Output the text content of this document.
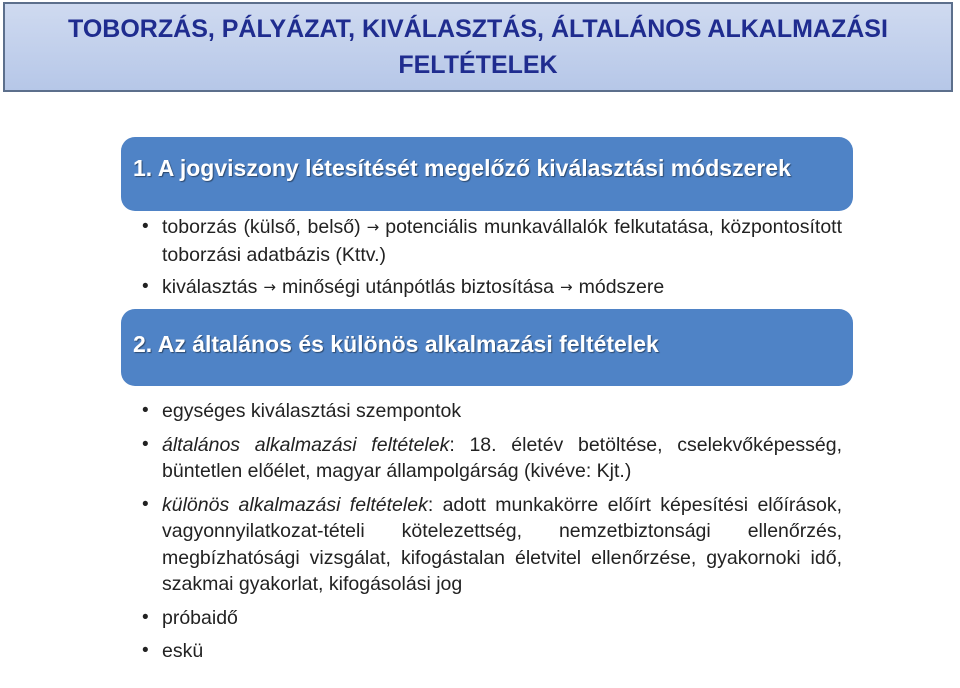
TOBORZÁS, PÁLYÁZAT, KIVÁLASZTÁS, ÁLTALÁNOS ALKALMAZÁSI
FELTÉTELEK
1. A jogviszony létesítését megelőző kiválasztási módszerek
• toborzás (külső, belső) → potenciális munkavállalók felkutatása, központosított toborzási adatbázis (Kttv.)
• kiválasztás → minőségi utánpótlás biztosítása → módszere
2. Az általános és különös alkalmazási feltételek
• egységes kiválasztási szempontok
• általános alkalmazási feltételek: 18. életév betöltése, cselekvőképesség, büntetlen előélet, magyar állampolgárság (kivéve: Kjt.)
• különös alkalmazási feltételek: adott munkakörre előírt képesítési előírások, vagyonnyilatkozat-tételi kötelezettség, nemzetbiztonsági ellenőrzés, megbízhatósági vizsgálat, kifogástalan életvitel ellenőrzése, gyakornoki idő, szakmai gyakorlat, kifogásolási jog
• próbaidő
• eskü
